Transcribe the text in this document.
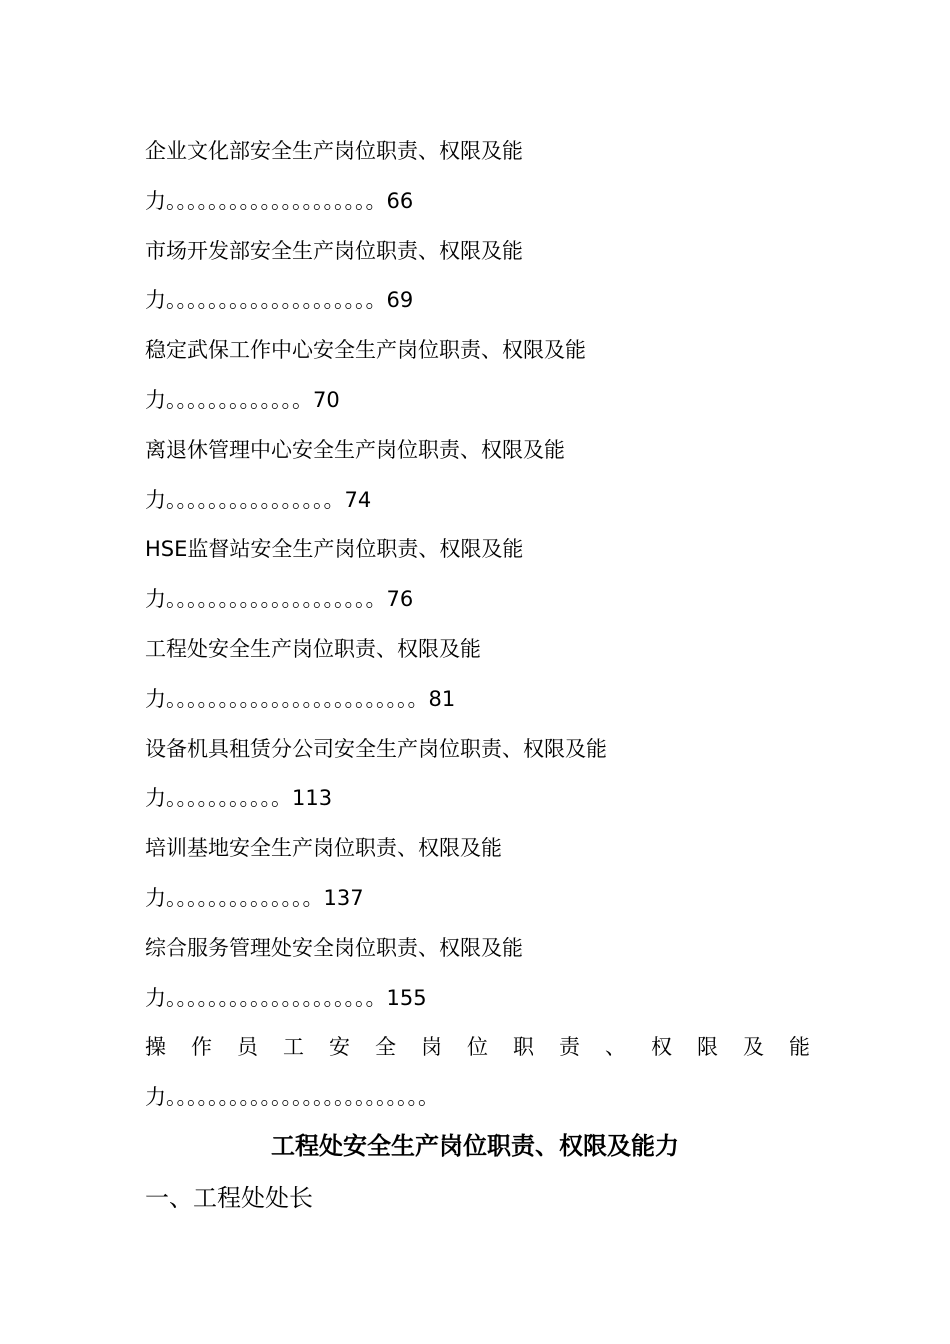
企业文化部安全生产岗位职责、权限及能
力。。。。。。。。。。。。。。。。。。。。66
市场开发部安全生产岗位职责、权限及能
力。。。。。。。。。。。。。。。。。。。。69
稳定武保工作中心安全生产岗位职责、权限及能
力。。。。。。。。。。。。。70
离退休管理中心安全生产岗位职责、权限及能
力。。。。。。。。。。。。。。。。74
HSE监督站安全生产岗位职责、权限及能
力。。。。。。。。。。。。。。。。。。。。76
工程处安全生产岗位职责、权限及能
力。。。。。。。。。。。。。。。。。。。。。。。。81
设备机具租赁分公司安全生产岗位职责、权限及能
力。。。。。。。。。。。113
培训基地安全生产岗位职责、权限及能
力。。。。。。。。。。。。。。137
综合服务管理处安全岗位职责、权限及能
力。。。。。。。。。。。。。。。。。。。。155
操 作 员 工 安 全 岗 位 职 责 、 权 限 及 能
力。。。。。。。。。。。。。。。。。。。。。。。。。
工程处安全生产岗位职责、权限及能力
一、工程处处长
